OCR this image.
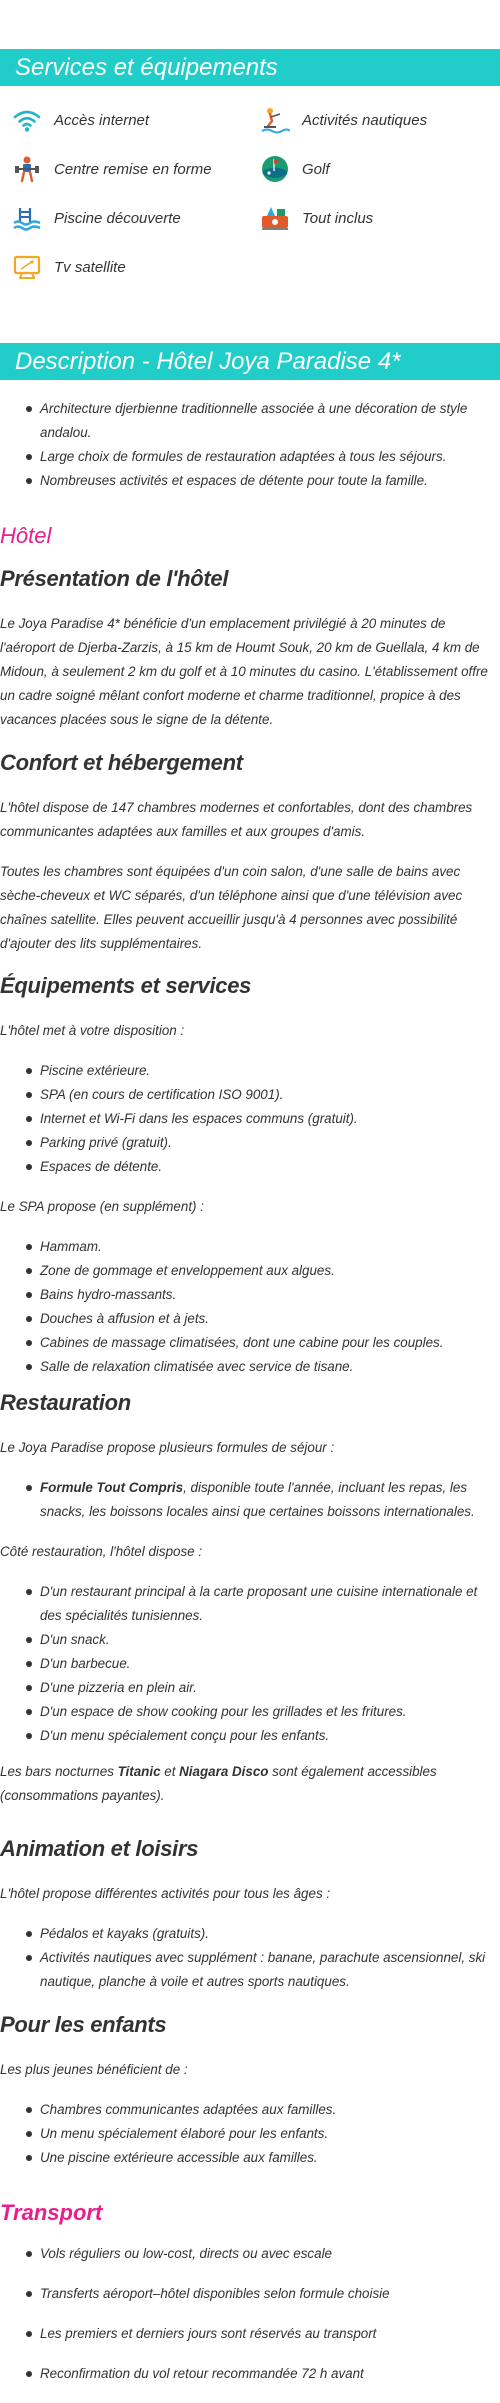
Services et équipements
Accès internet	Activités nautiques
Centre remise en forme	Golf
Piscine découverte	Tout inclus
Tv satellite
Description - Hôtel Joya Paradise 4*
Architecture djerbienne traditionnelle associée à une décoration de style andalou.
Large choix de formules de restauration adaptées à tous les séjours.
Nombreuses activités et espaces de détente pour toute la famille.
Hôtel
Présentation de l'hôtel

Le Joya Paradise 4* bénéficie d'un emplacement privilégié à 20 minutes de l'aéroport de Djerba-Zarzis, à 15 km de Houmt Souk, 20 km de Guellala, 4 km de Midoun, à seulement 2 km du golf et à 10 minutes du casino. L'établissement offre un cadre soigné mêlant confort moderne et charme traditionnel, propice à des vacances placées sous le signe de la détente.

Confort et hébergement

L'hôtel dispose de 147 chambres modernes et confortables, dont des chambres communicantes adaptées aux familles et aux groupes d'amis.

Toutes les chambres sont équipées d'un coin salon, d'une salle de bains avec sèche-cheveux et WC séparés, d'un téléphone ainsi que d'une télévision avec chaînes satellite. Elles peuvent accueillir jusqu'à 4 personnes avec possibilité d'ajouter des lits supplémentaires.

Équipements et services

L'hôtel met à votre disposition :

Piscine extérieure.
SPA (en cours de certification ISO 9001).
Internet et Wi-Fi dans les espaces communs (gratuit).
Parking privé (gratuit).
Espaces de détente.

Le SPA propose (en supplément) :

Hammam.
Zone de gommage et enveloppement aux algues.
Bains hydro-massants.
Douches à affusion et à jets.
Cabines de massage climatisées, dont une cabine pour les couples.
Salle de relaxation climatisée avec service de tisane.
Restauration

Le Joya Paradise propose plusieurs formules de séjour :

Formule Tout Compris, disponible toute l'année, incluant les repas, les snacks, les boissons locales ainsi que certaines boissons internationales.

Côté restauration, l'hôtel dispose :

D'un restaurant principal à la carte proposant une cuisine internationale et des spécialités tunisiennes.
D'un snack.
D'un barbecue.
D'une pizzeria en plein air.
D'un espace de show cooking pour les grillades et les fritures.
D'un menu spécialement conçu pour les enfants.

Les bars nocturnes Titanic et Niagara Disco sont également accessibles (consommations payantes).

Animation et loisirs

L'hôtel propose différentes activités pour tous les âges :

Pédalos et kayaks (gratuits).
Activités nautiques avec supplément : banane, parachute ascensionnel, ski nautique, planche à voile et autres sports nautiques.
Pour les enfants

Les plus jeunes bénéficient de :

Chambres communicantes adaptées aux familles.
Un menu spécialement élaboré pour les enfants.
Une piscine extérieure accessible aux familles.
Transport
Vols réguliers ou low-cost, directs ou avec escale
Transferts aéroport–hôtel disponibles selon formule choisie
Les premiers et derniers jours sont réservés au transport
Reconfirmation du vol retour recommandée 72 h avant
